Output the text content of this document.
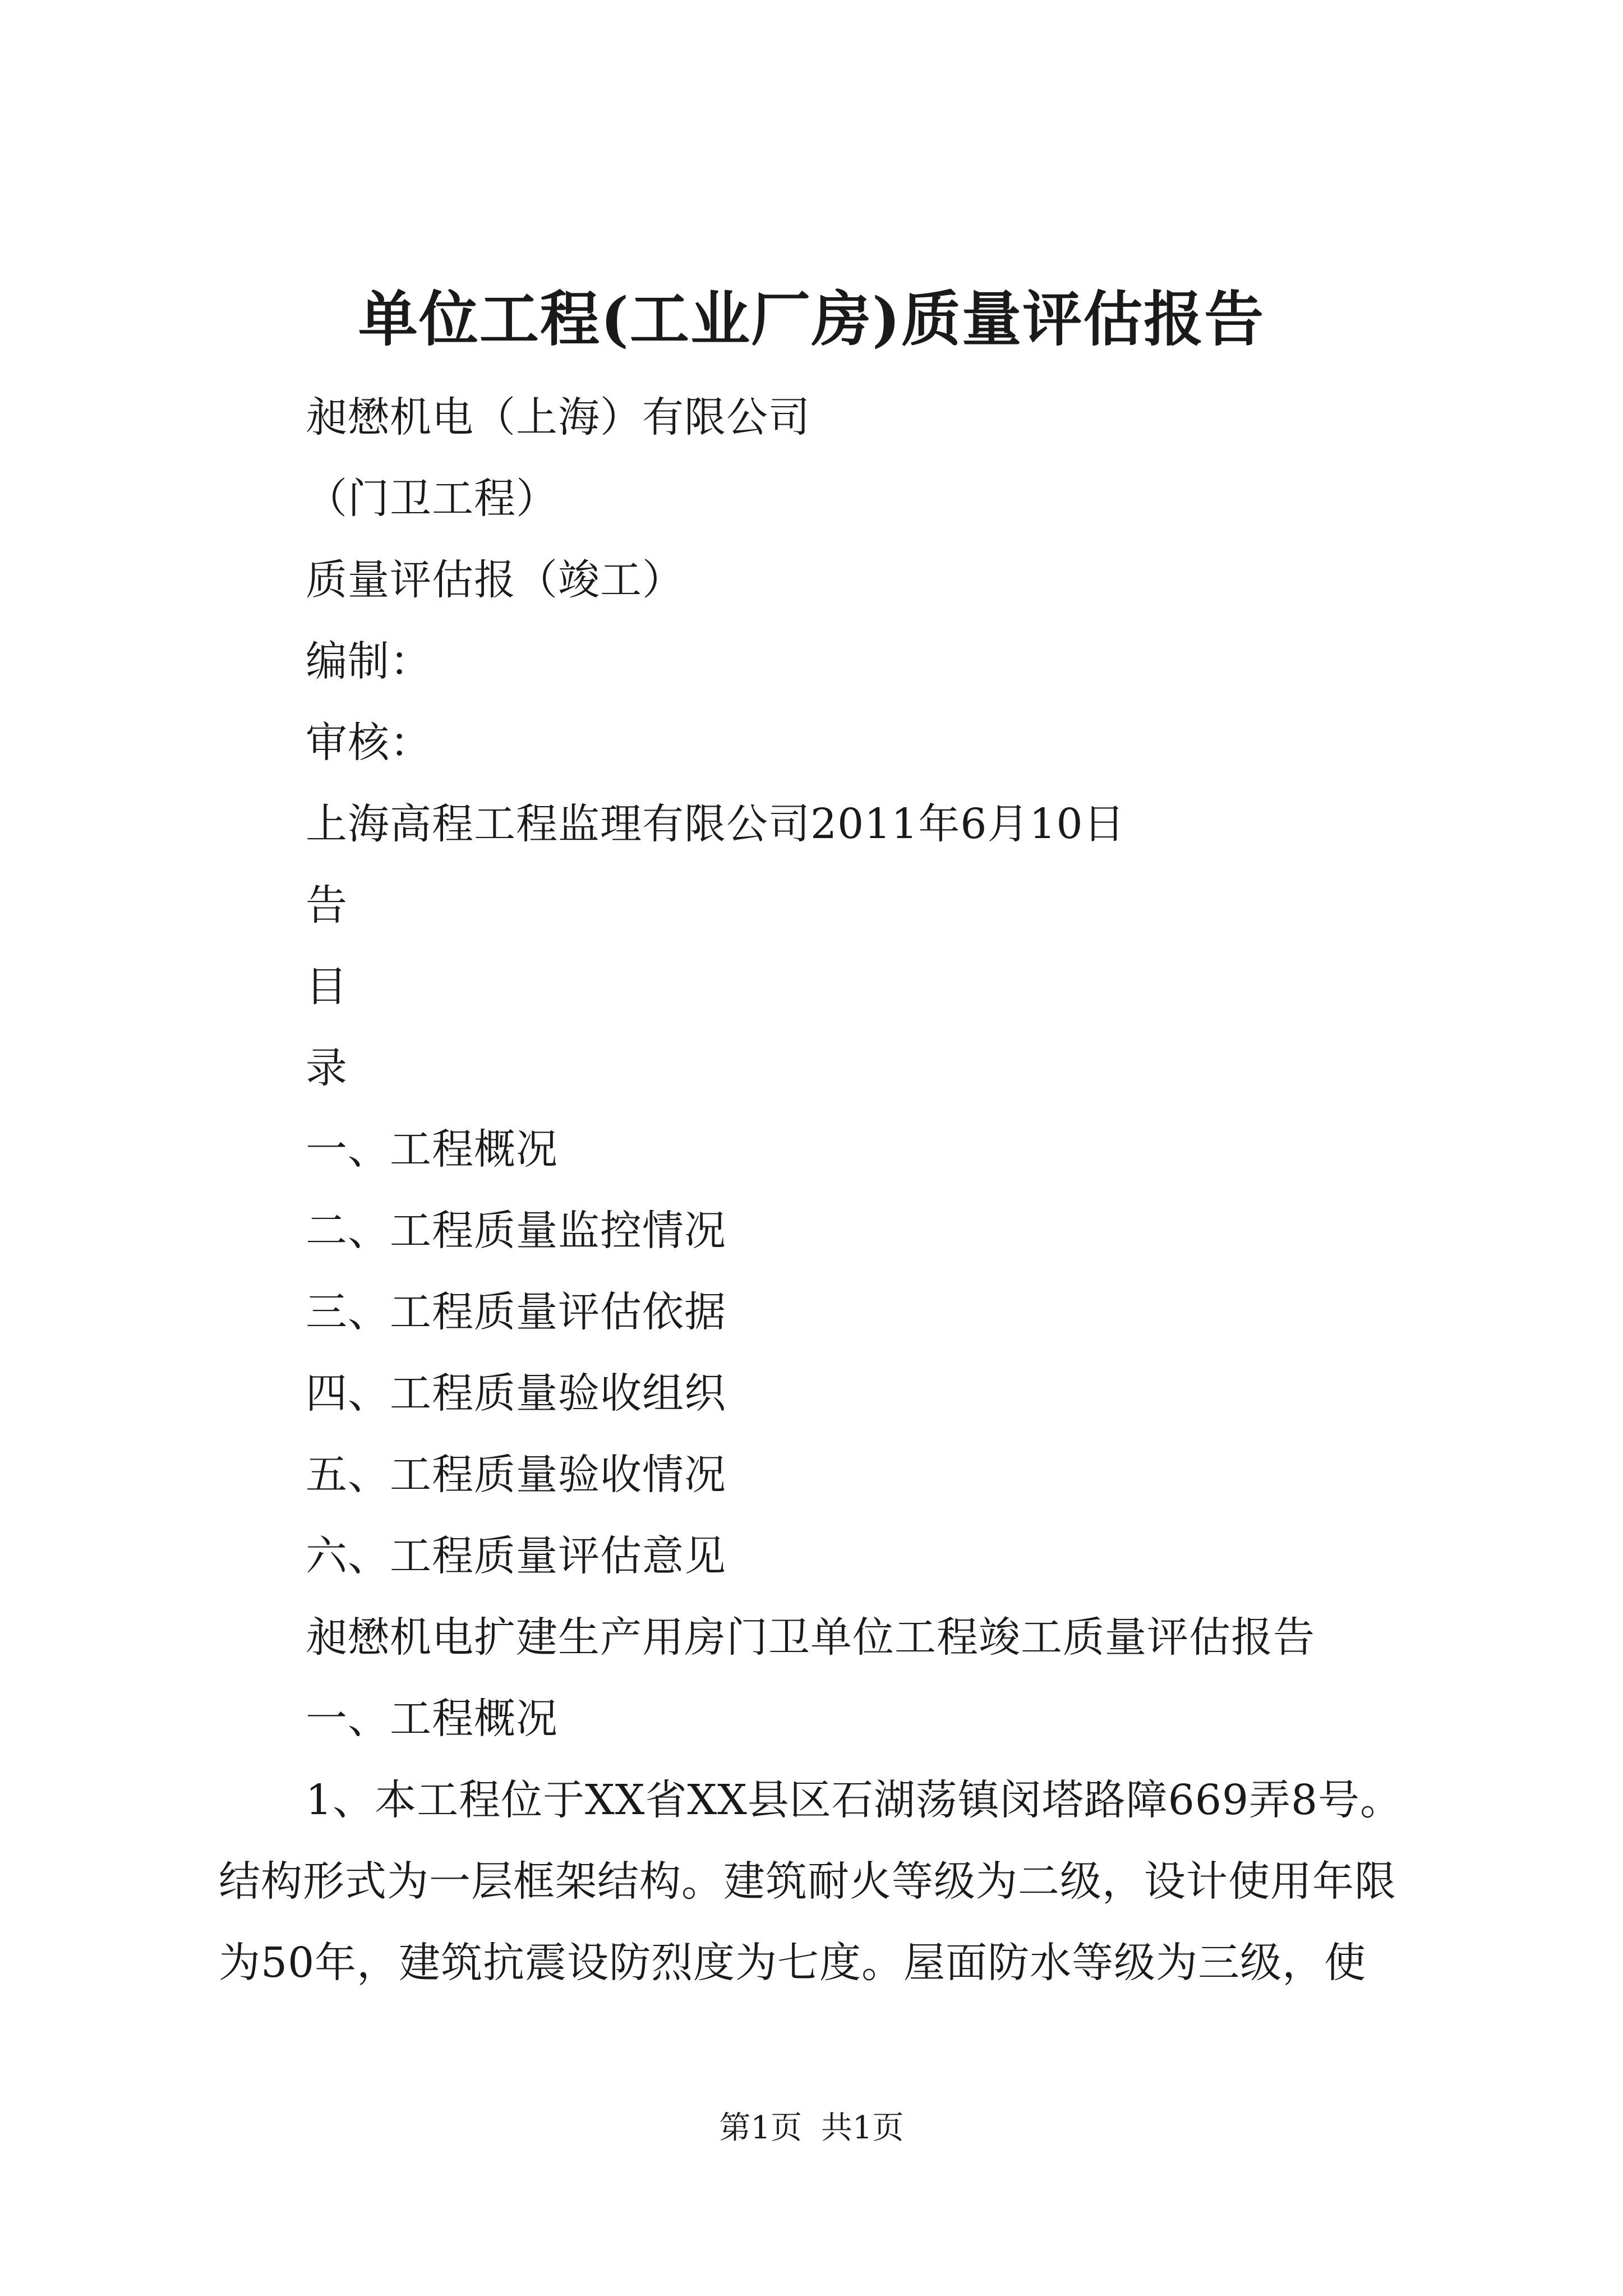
单位工程(工业厂房)质量评估报告
昶懋机电（上海）有限公司
（门卫工程）
质量评估报（竣工）
编制：
审核：
上海高程工程监理有限公司2011年6月10日
告
目
录
一、工程概况
二、工程质量监控情况
三、工程质量评估依据
四、工程质量验收组织
五、工程质量验收情况
六、工程质量评估意见
昶懋机电扩建生产用房门卫单位工程竣工质量评估报告
一、工程概况
1、本工程位于XX省XX县区石湖荡镇闵塔路障669弄8号。
结构形式为一层框架结构。建筑耐火等级为二级，设计使用年限
为50年，建筑抗震设防烈度为七度。屋面防水等级为三级，使
第1页 共1页
